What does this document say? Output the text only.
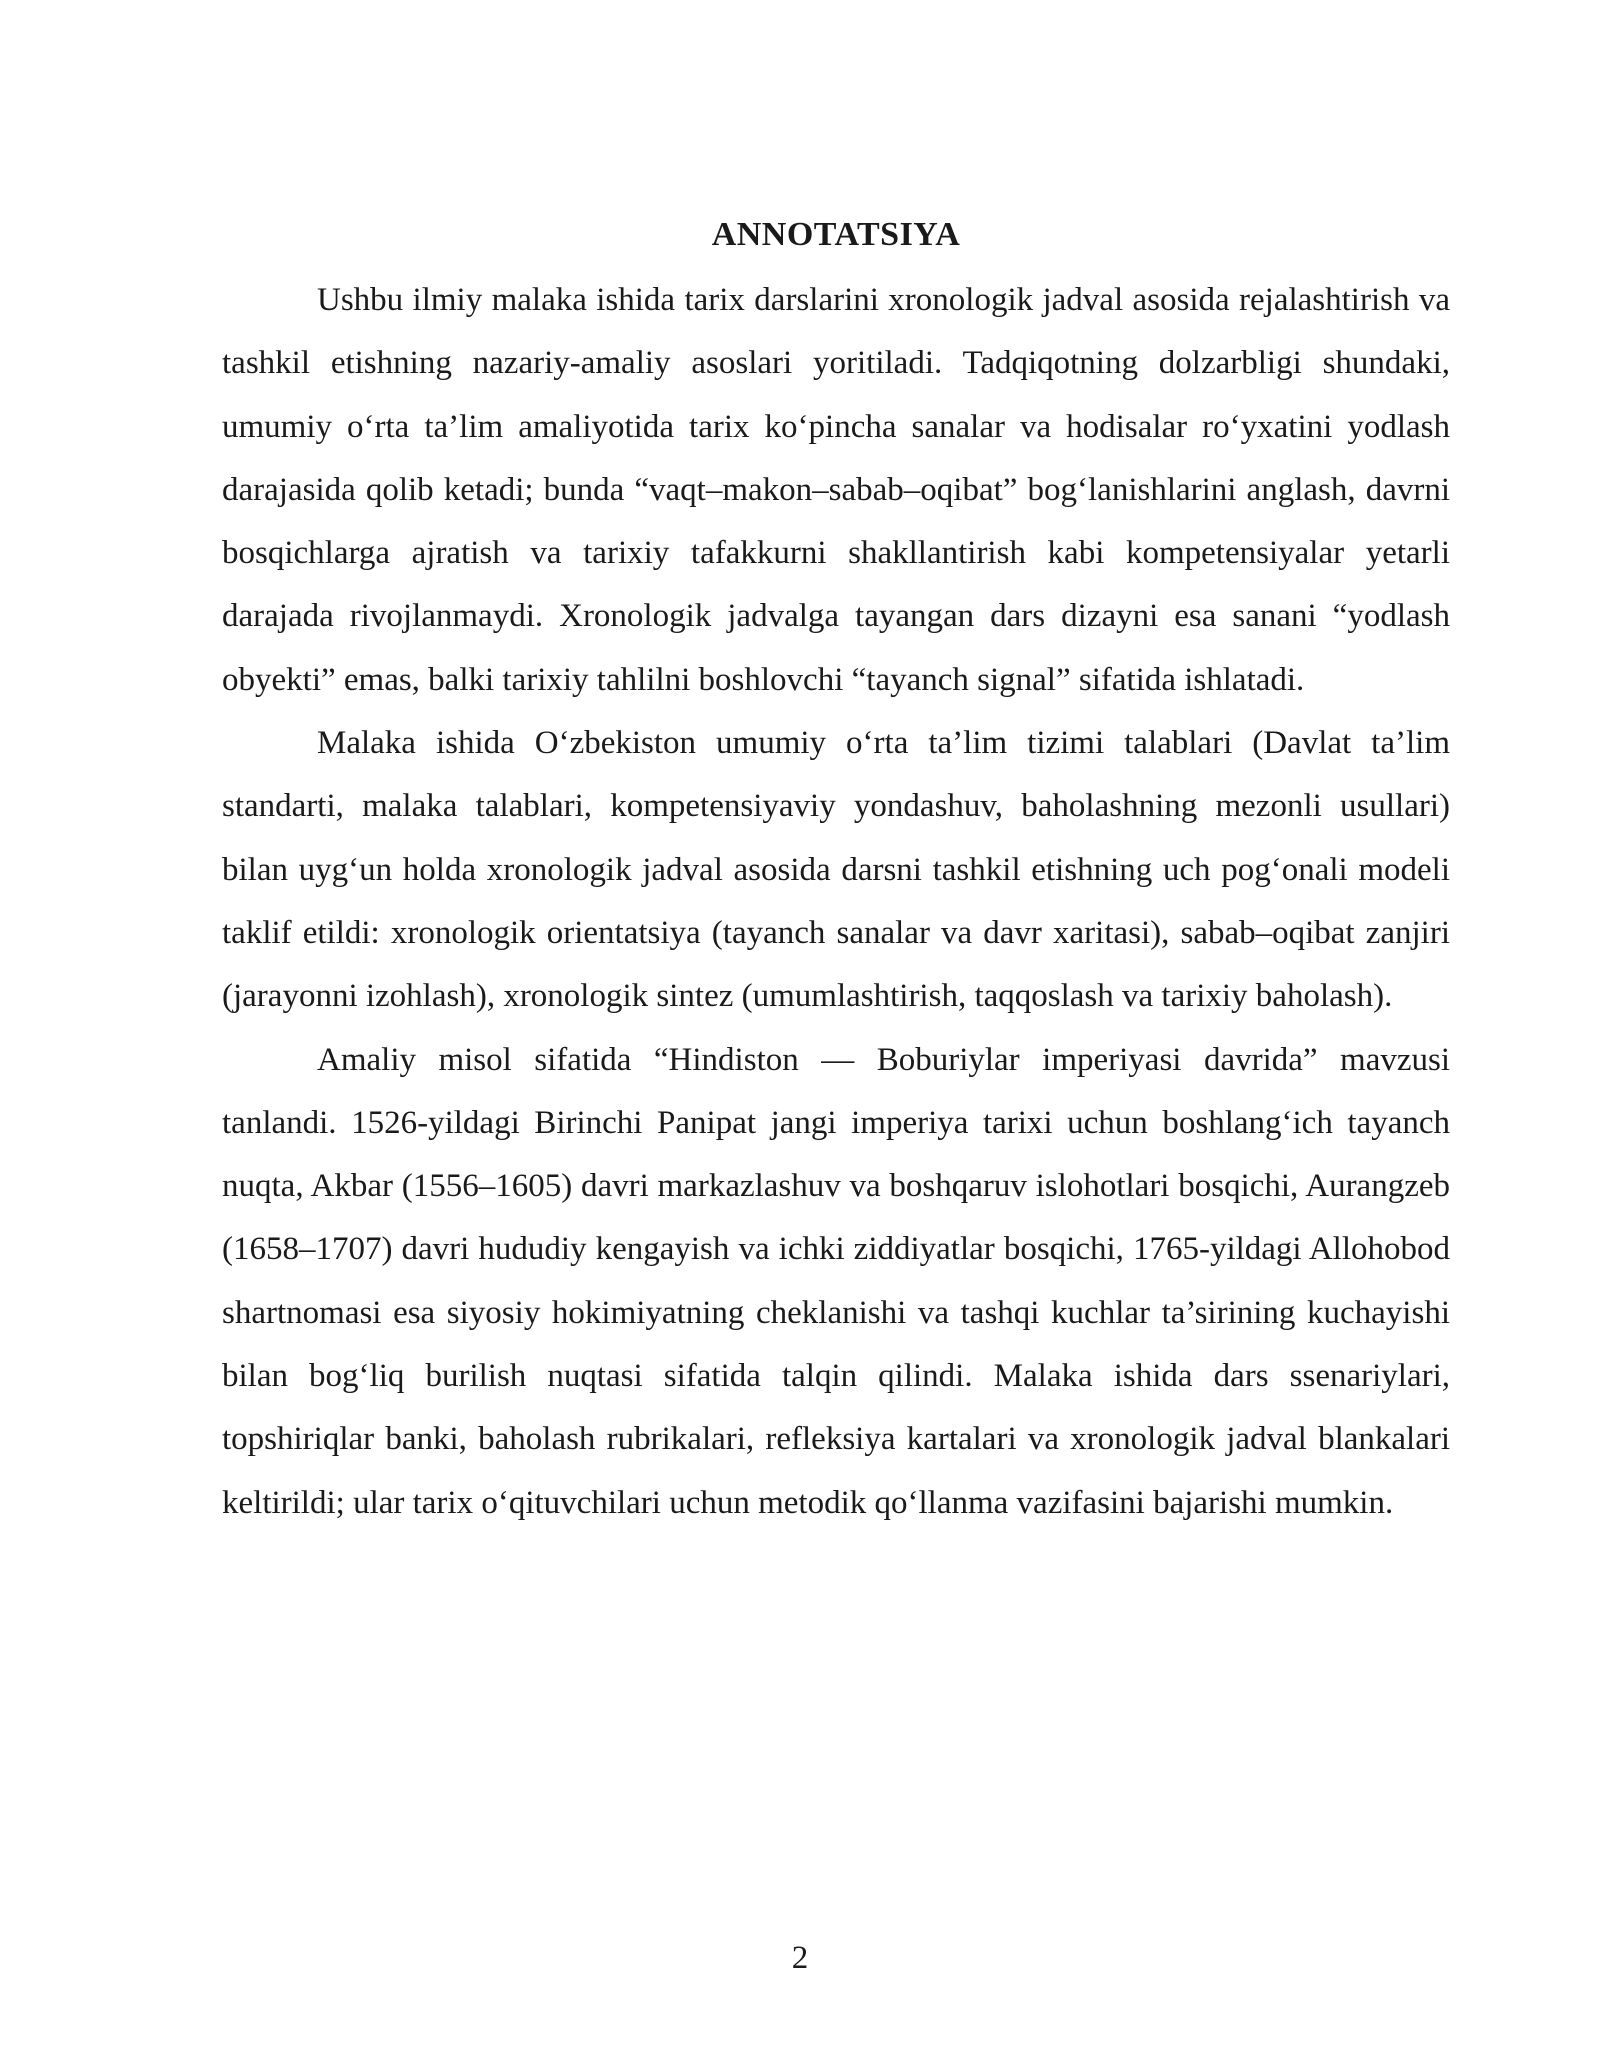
ANNOTATSIYA

Ushbu ilmiy malaka ishida tarix darslarini xronologik jadval asosida rejalashtirish va tashkil etishning nazariy-amaliy asoslari yoritiladi. Tadqiqotning dolzarbligi shundaki, umumiy o‘rta ta’lim amaliyotida tarix ko‘pincha sanalar va hodisalar ro‘yxatini yodlash darajasida qolib ketadi; bunda “vaqt–makon–sabab–oqibat” bog‘lanishlarini anglash, davrni bosqichlarga ajratish va tarixiy tafakkurni shakllantirish kabi kompetensiyalar yetarli darajada rivojlanmaydi. Xronologik jadvalga tayangan dars dizayni esa sanani “yodlash obyekti” emas, balki tarixiy tahlilni boshlovchi “tayanch signal” sifatida ishlatadi.

Malaka ishida O‘zbekiston umumiy o‘rta ta’lim tizimi talablari (Davlat ta’lim standarti, malaka talablari, kompetensiyaviy yondashuv, baholashning mezonli usullari) bilan uyg‘un holda xronologik jadval asosida darsni tashkil etishning uch pog‘onali modeli taklif etildi: xronologik orientatsiya (tayanch sanalar va davr xaritasi), sabab–oqibat zanjiri (jarayonni izohlash), xronologik sintez (umumlashtirish, taqqoslash va tarixiy baholash).

Amaliy misol sifatida “Hindiston — Boburiylar imperiyasi davrida” mavzusi tanlandi. 1526-yildagi Birinchi Panipat jangi imperiya tarixi uchun boshlang‘ich tayanch nuqta, Akbar (1556–1605) davri markazlashuv va boshqaruv islohotlari bosqichi, Aurangzeb (1658–1707) davri hududiy kengayish va ichki ziddiyatlar bosqichi, 1765-yildagi Allohobod shartnomasi esa siyosiy hokimiyatning cheklanishi va tashqi kuchlar ta’sirining kuchayishi bilan bog‘liq burilish nuqtasi sifatida talqin qilindi. Malaka ishida dars ssenariylari, topshiriqlar banki, baholash rubrikalari, refleksiya kartalari va xronologik jadval blankalari keltirildi; ular tarix o‘qituvchilari uchun metodik qo‘llanma vazifasini bajarishi mumkin.

2
